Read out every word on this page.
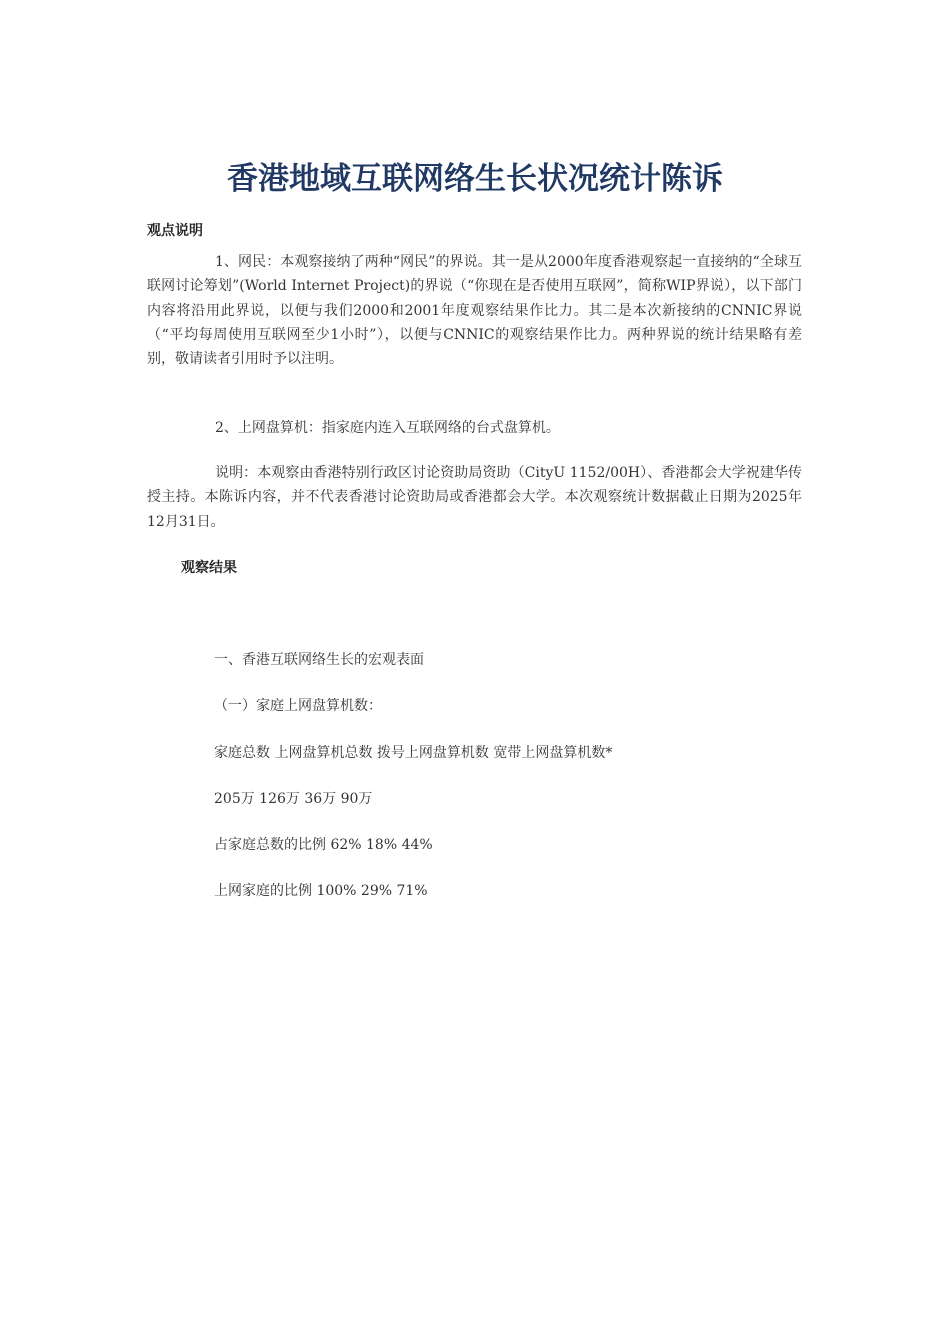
香港地域互联网络生长状况统计陈诉
观点说明

1、网民：本观察接纳了两种“网民”的界说。其一是从2000年度香港观察起一直接纳的“全球互联网讨论筹划”(World Internet Project)的界说（“你现在是否使用互联网”，简称WIP界说），以下部门内容将沿用此界说，以便与我们2000和2001年度观察结果作比力。其二是本次新接纳的CNNIC界说（“平均每周使用互联网至少1小时”），以便与CNNIC的观察结果作比力。两种界说的统计结果略有差别，敬请读者引用时予以注明。

2、上网盘算机：指家庭内连入互联网络的台式盘算机。

说明：本观察由香港特别行政区讨论资助局资助（CityU 1152/00H）、香港都会大学祝建华传授主持。本陈诉内容，并不代表香港讨论资助局或香港都会大学。本次观察统计数据截止日期为2025年12月31日。

观察结果

一、香港互联网络生长的宏观表面

（一）家庭上网盘算机数：

家庭总数 上网盘算机总数 拨号上网盘算机数 宽带上网盘算机数*

205万 126万 36万 90万

占家庭总数的比例 62% 18% 44%

上网家庭的比例 100% 29% 71%
